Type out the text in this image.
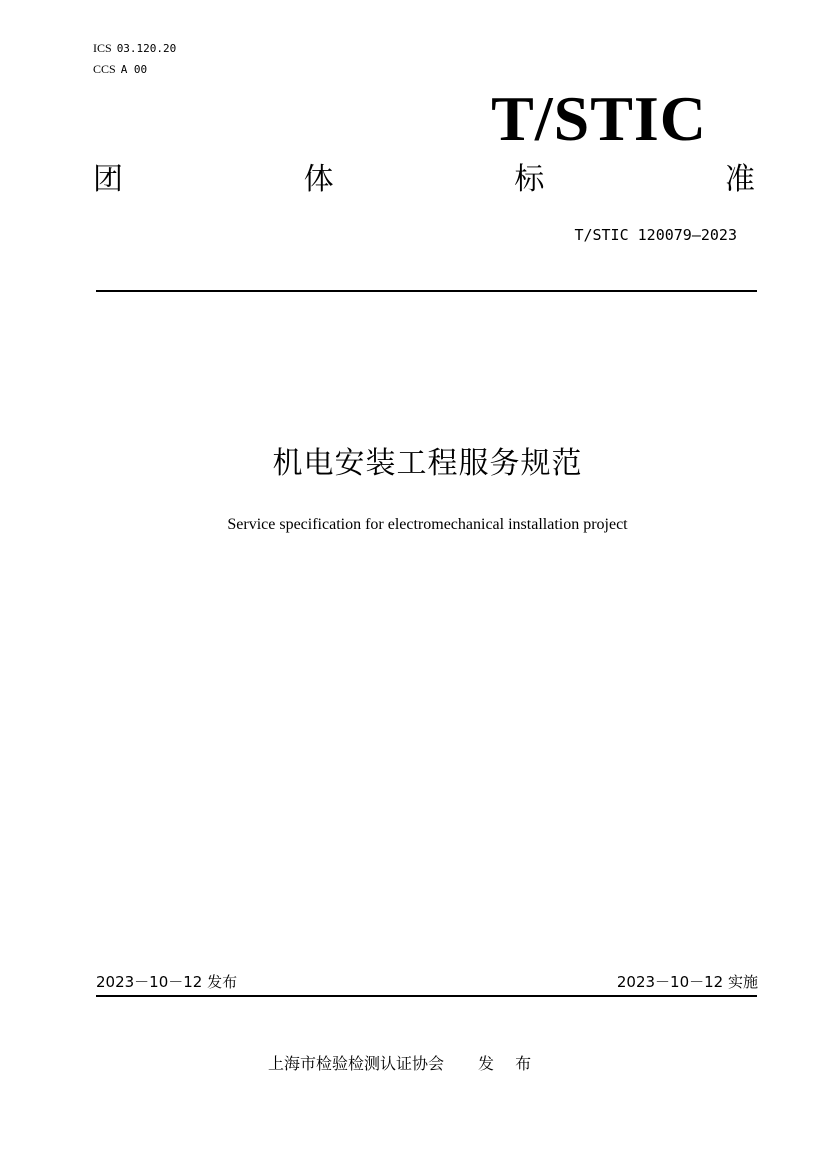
ICS 03.120.20
CCS A 00
T/STIC
团	体	标	准
T/STIC 120079—2023
机电安装工程服务规范
Service specification for electromechanical installation project
2023－10－12 发布	2023－10－12 实施
上海市检验检测认证协会 发 布
